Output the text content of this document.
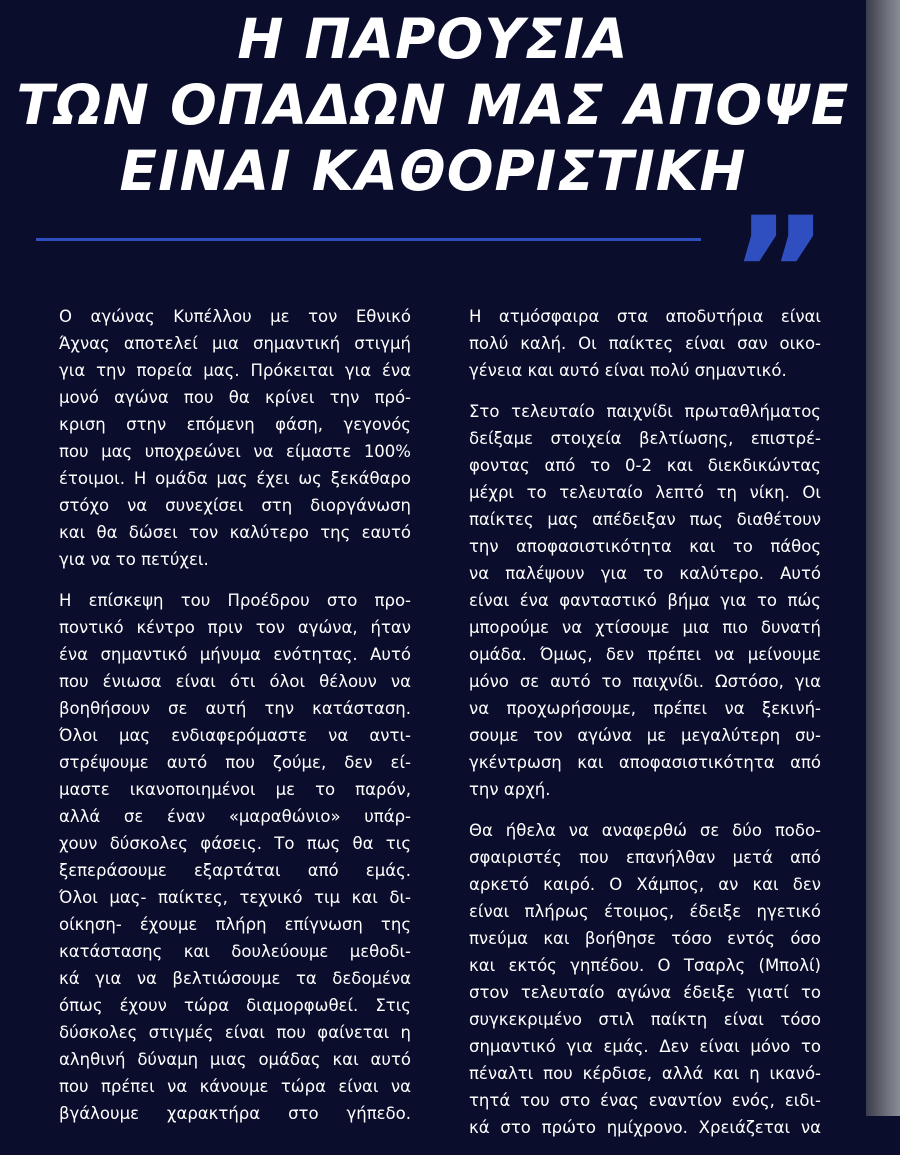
Η ΠΑΡΟΥΣΙΑ
ΤΩΝ ΟΠΑΔΩΝ ΜΑΣ ΑΠΟΨΕ
ΕΙΝΑΙ ΚΑΘΟΡΙΣΤΙΚΗ
”

Ο αγώνας Κυπέλλου με τον Εθνικό
Άχνας αποτελεί μια σημαντική στιγμή
για την πορεία μας. Πρόκειται για ένα
μονό αγώνα που θα κρίνει την πρό-
κριση στην επόμενη φάση, γεγονός
που μας υποχρεώνει να είμαστε 100%
έτοιμοι. Η ομάδα μας έχει ως ξεκάθαρο
στόχο να συνεχίσει στη διοργάνωση
και θα δώσει τον καλύτερο της εαυτό
για να το πετύχει.

Η επίσκεψη του Προέδρου στο προ-
ποντικό κέντρο πριν τον αγώνα, ήταν
ένα σημαντικό μήνυμα ενότητας. Αυτό
που ένιωσα είναι ότι όλοι θέλουν να
βοηθήσουν σε αυτή την κατάσταση.
Όλοι μας ενδιαφερόμαστε να αντι-
στρέψουμε αυτό που ζούμε, δεν εί-
μαστε ικανοποιημένοι με το παρόν,
αλλά σε έναν «μαραθώνιο» υπάρ-
χουν δύσκολες φάσεις. Το πως θα τις
ξεπεράσουμε εξαρτάται από εμάς.
Όλοι μας- παίκτες, τεχνικό τιμ και δι-
οίκηση- έχουμε πλήρη επίγνωση της
κατάστασης και δουλεύουμε μεθοδι-
κά για να βελτιώσουμε τα δεδομένα
όπως έχουν τώρα διαμορφωθεί. Στις
δύσκολες στιγμές είναι που φαίνεται η
αληθινή δύναμη μιας ομάδας και αυτό
που πρέπει να κάνουμε τώρα είναι να
βγάλουμε χαρακτήρα στο γήπεδο.

Η ατμόσφαιρα στα αποδυτήρια είναι
πολύ καλή. Οι παίκτες είναι σαν οικο-
γένεια και αυτό είναι πολύ σημαντικό.

Στο τελευταίο παιχνίδι πρωταθλήματος
δείξαμε στοιχεία βελτίωσης, επιστρέ-
φοντας από το 0-2 και διεκδικώντας
μέχρι το τελευταίο λεπτό τη νίκη. Οι
παίκτες μας απέδειξαν πως διαθέτουν
την αποφασιστικότητα και το πάθος
να παλέψουν για το καλύτερο. Αυτό
είναι ένα φανταστικό βήμα για το πώς
μπορούμε να χτίσουμε μια πιο δυνατή
ομάδα. Όμως, δεν πρέπει να μείνουμε
μόνο σε αυτό το παιχνίδι. Ωστόσο, για
να προχωρήσουμε, πρέπει να ξεκινή-
σουμε τον αγώνα με μεγαλύτερη συ-
γκέντρωση και αποφασιστικότητα από
την αρχή.

Θα ήθελα να αναφερθώ σε δύο ποδο-
σφαιριστές που επανήλθαν μετά από
αρκετό καιρό. Ο Χάμπος, αν και δεν
είναι πλήρως έτοιμος, έδειξε ηγετικό
πνεύμα και βοήθησε τόσο εντός όσο
και εκτός γηπέδου. Ο Τσαρλς (Μπολί)
στον τελευταίο αγώνα έδειξε γιατί το
συγκεκριμένο στιλ παίκτη είναι τόσο
σημαντικό για εμάς. Δεν είναι μόνο το
πέναλτι που κέρδισε, αλλά και η ικανό-
τητά του στο ένας εναντίον ενός, ειδι-
κά στο πρώτο ημίχρονο. Χρειάζεται να
